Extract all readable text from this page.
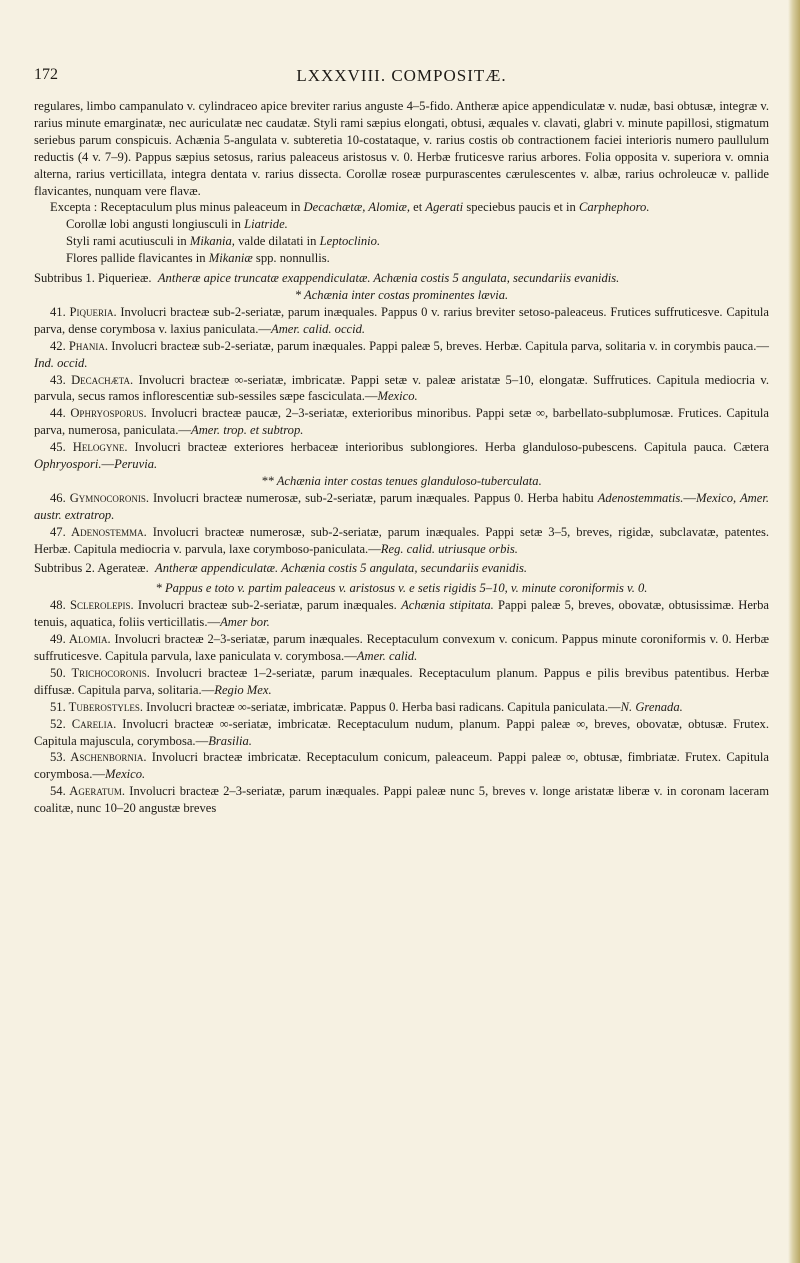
172	LXXXVIII. COMPOSITÆ.

regulares, limbo campanulato v. cylindraceo apice breviter rarius anguste 4–5-fido. Antheræ apice appendiculatæ v. nudæ, basi obtusæ, integræ v. rarius minute emarginatæ, nec auriculatæ nec caudatæ. Styli rami sæpius elongati, obtusi, æquales v. clavati, glabri v. minute papillosi, stigmatum seriebus parum conspicuis. Achænia 5-angulata v. subteretia 10-costataque, v. rarius costis ob contractionem faciei interioris numero paullulum reductis (4 v. 7–9). Pappus sæpius setosus, rarius paleaceus aristosus v. 0. Herbæ fruticesve rarius arbores. Folia opposita v. superiora v. omnia alterna, rarius verticillata, integra dentata v. rarius dissecta. Corollæ roseæ purpurascentes cærulescentes v. albæ, rarius ochroleucæ v. pallide flavicantes, nunquam vere flavæ.

Excepta : Receptaculum plus minus paleaceum in Decachætæ, Alomiæ, et Agerati speciebus paucis et in Carphephoro.

Corollæ lobi angusti longiusculi in Liatride.

Styli rami acutiusculi in Mikania, valde dilatati in Leptoclinio.

Flores pallide flavicantes in Mikaniæ spp. nonnullis.

Subtribus 1. Piquerieæ. Antheræ apice truncatæ exappendiculatæ. Achænia costis 5 angulata, secundariis evanidis.

* Achænia inter costas prominentes lævia.

41. Piqueria. Involucri bracteæ sub-2-seriatæ, parum inæquales. Pappus 0 v. rarius breviter setoso-paleaceus. Frutices suffruticesve. Capitula parva, dense corymbosa v. laxius paniculata.—Amer. calid. occid.

42. Phania. Involucri bracteæ sub-2-seriatæ, parum inæquales. Pappi paleæ 5, breves. Herbæ. Capitula parva, solitaria v. in corymbis pauca.—Ind. occid.

43. Decachæta. Involucri bracteæ ∞-seriatæ, imbricatæ. Pappi setæ v. paleæ aristatæ 5–10, elongatæ. Suffrutices. Capitula mediocria v. parvula, secus ramos inflorescentiæ sub-sessiles sæpe fasciculata.—Mexico.

44. Ophryosporus. Involucri bracteæ paucæ, 2–3-seriatæ, exterioribus minoribus. Pappi setæ ∞, barbellato-subplumosæ. Frutices. Capitula parva, numerosa, paniculata.—Amer. trop. et subtrop.

45. Helogyne. Involucri bracteæ exteriores herbaceæ interioribus sublongiores. Herba glanduloso-pubescens. Capitula pauca. Cætera Ophryospori.—Peruvia.

** Achænia inter costas tenues glanduloso-tuberculata.

46. Gymnocoronis. Involucri bracteæ numerosæ, sub-2-seriatæ, parum inæquales. Pappus 0. Herba habitu Adenostemmatis.—Mexico, Amer. austr. extratrop.

47. Adenostemma. Involucri bracteæ numerosæ, sub-2-seriatæ, parum inæquales. Pappi setæ 3–5, breves, rigidæ, subclavatæ, patentes. Herbæ. Capitula mediocria v. parvula, laxe corymboso-paniculata.—Reg. calid. utriusque orbis.

Subtribus 2. Agerateæ. Antheræ appendiculatæ. Achænia costis 5 angulata, secundariis evanidis.

* Pappus e toto v. partim paleaceus v. aristosus v. e setis rigidis 5–10, v. minute coroniformis v. 0.

48. Sclerolepis. Involucri bracteæ sub-2-seriatæ, parum inæquales. Achænia stipitata. Pappi paleæ 5, breves, obovatæ, obtusissimæ. Herba tenuis, aquatica, foliis verticillatis.—Amer bor.

49. Alomia. Involucri bracteæ 2–3-seriatæ, parum inæquales. Receptaculum convexum v. conicum. Pappus minute coroniformis v. 0. Herbæ suffruticesve. Capitula parvula, laxe paniculata v. corymbosa.—Amer. calid.

50. Trichocoronis. Involucri bracteæ 1–2-seriatæ, parum inæquales. Receptaculum planum. Pappus e pilis brevibus patentibus. Herbæ diffusæ. Capitula parva, solitaria.—Regio Mex.

51. Tuberostyles. Involucri bracteæ ∞-seriatæ, imbricatæ. Pappus 0. Herba basi radicans. Capitula paniculata.—N. Grenada.

52. Carelia. Involucri bracteæ ∞-seriatæ, imbricatæ. Receptaculum nudum, planum. Pappi paleæ ∞, breves, obovatæ, obtusæ. Frutex. Capitula majuscula, corymbosa.—Brasilia.

53. Aschenbornia. Involucri bracteæ imbricatæ. Receptaculum conicum, paleaceum. Pappi paleæ ∞, obtusæ, fimbriatæ. Frutex. Capitula corymbosa.—Mexico.

54. Ageratum. Involucri bracteæ 2–3-seriatæ, parum inæquales. Pappi paleæ nunc 5, breves v. longe aristatæ liberæ v. in coronam laceram coalitæ, nunc 10–20 angustæ breves
